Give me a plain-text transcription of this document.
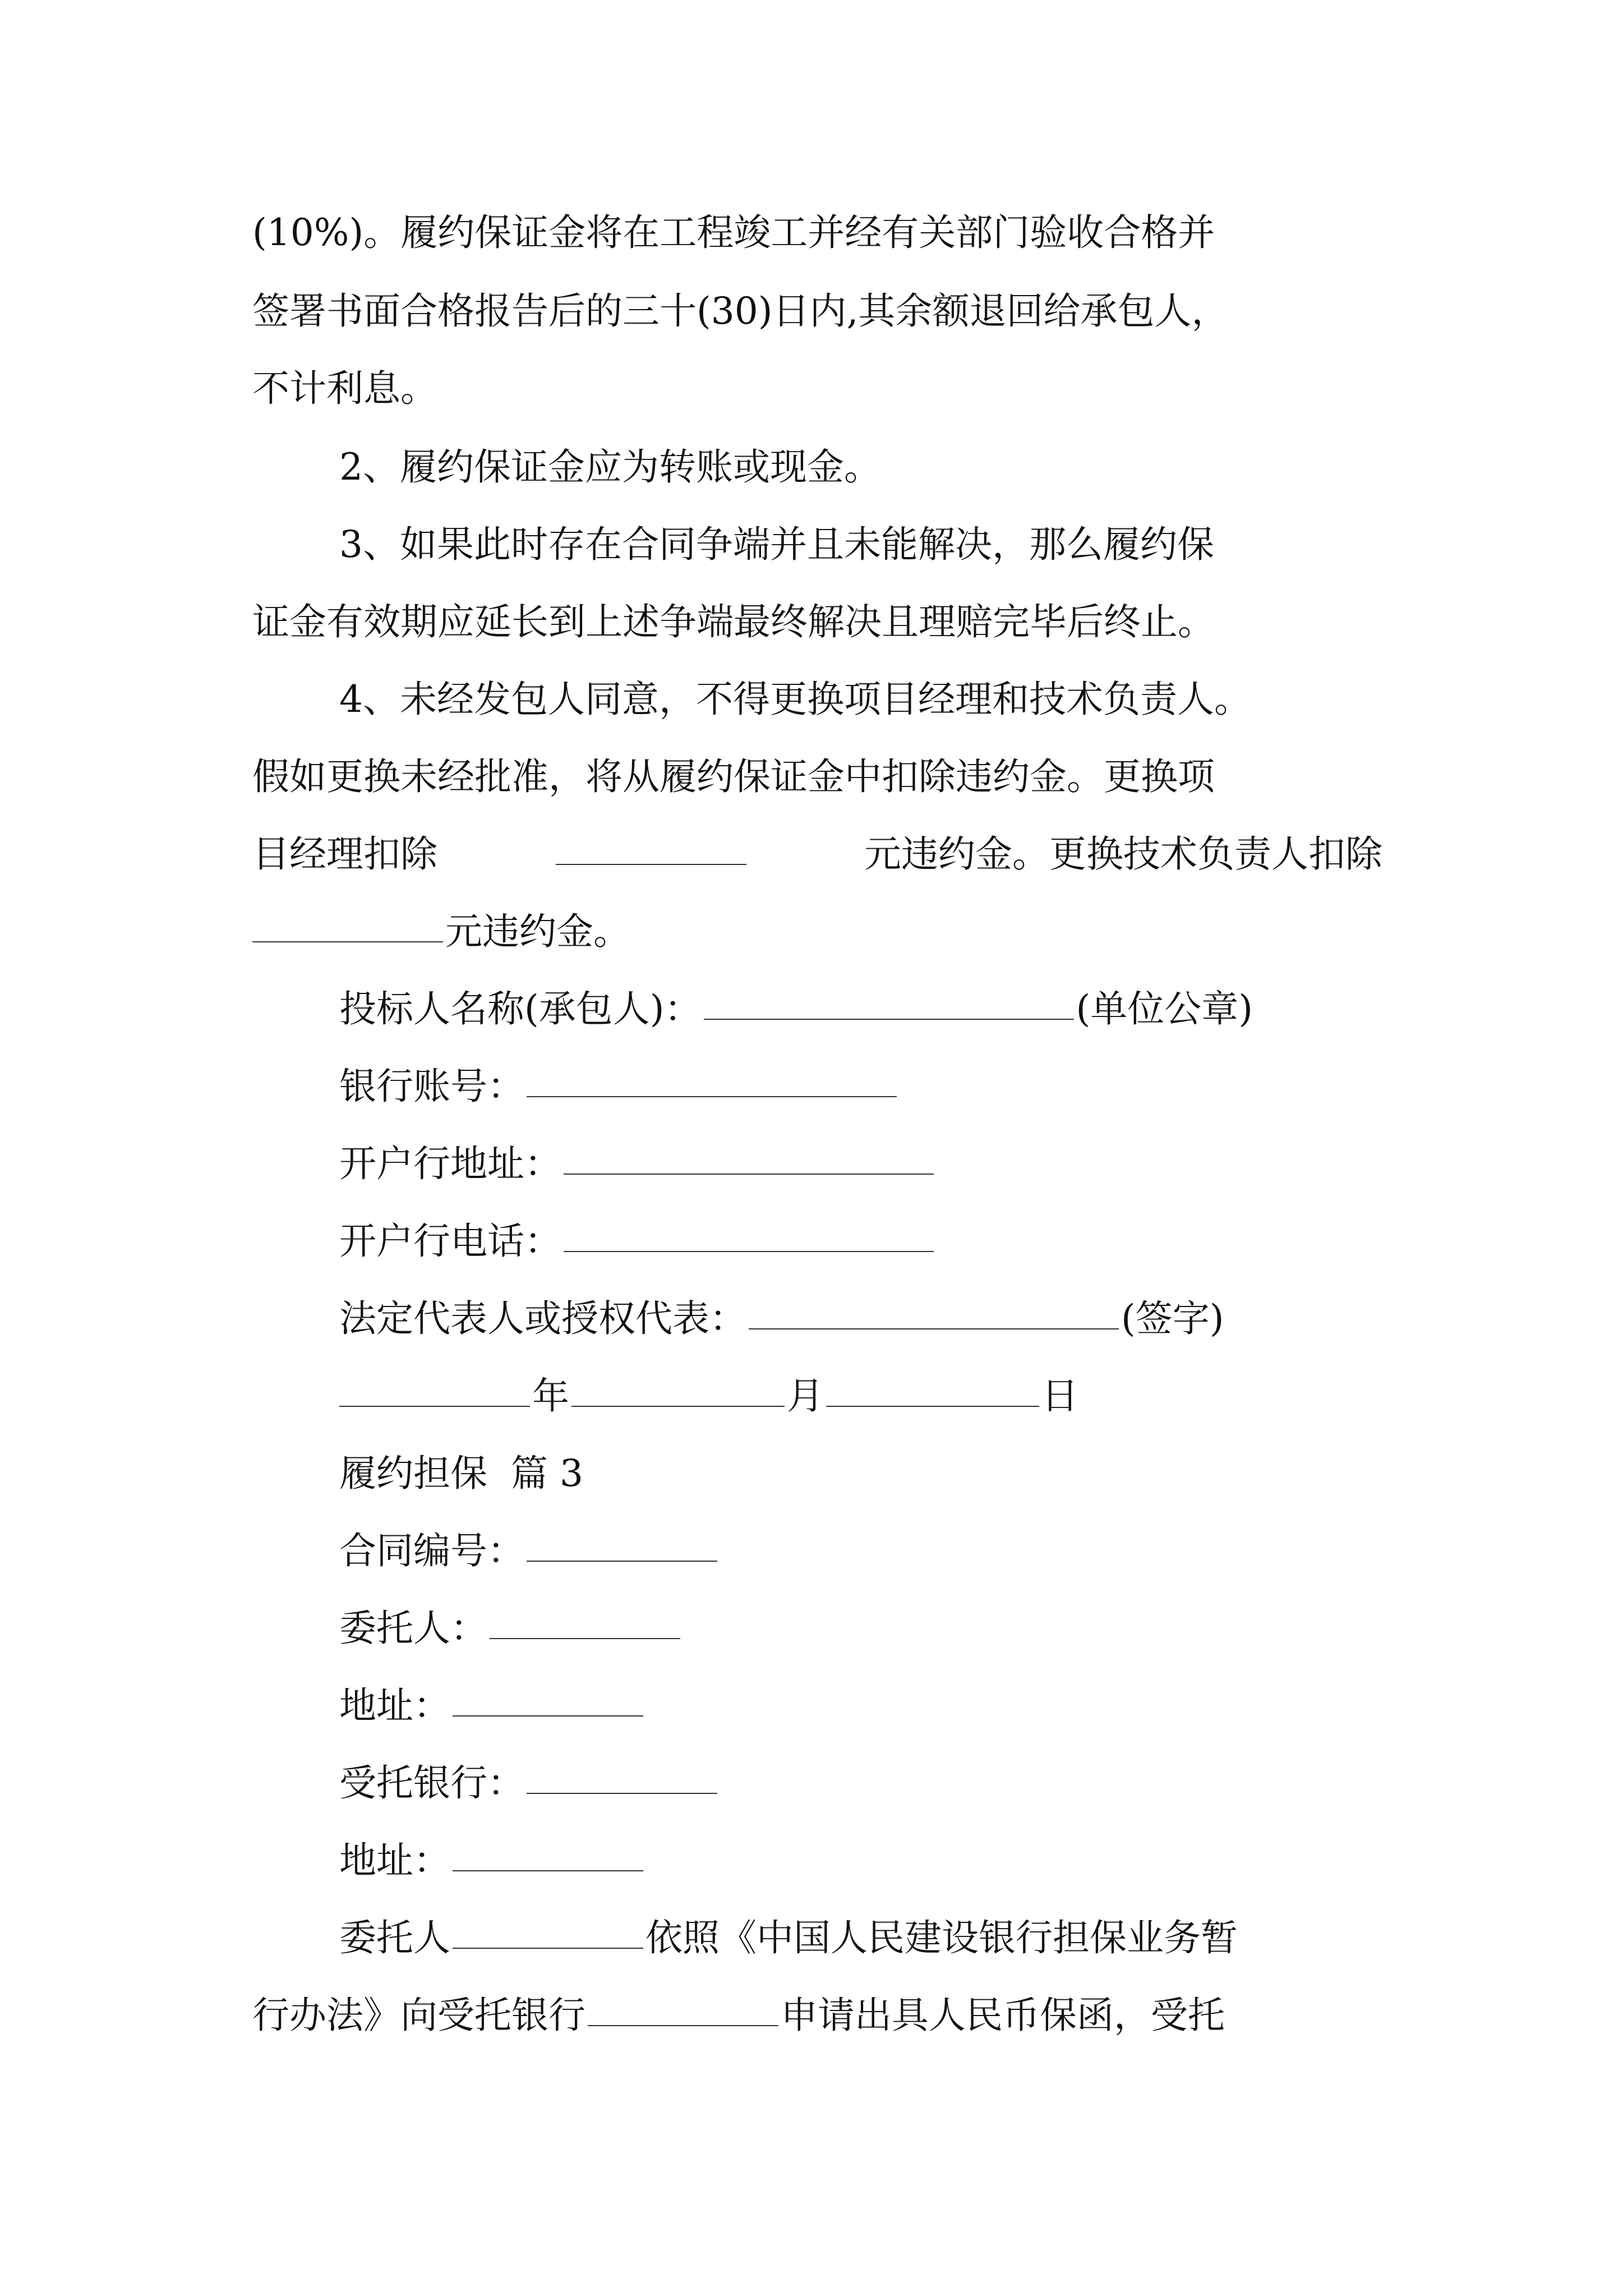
(10%)。履约保证金将在工程竣工并经有关部门验收合格并
签署书面合格报告后的三十(30)日内,其余额退回给承包人，
不计利息。
2、履约保证金应为转账或现金。
3、如果此时存在合同争端并且未能解决，那么履约保
证金有效期应延长到上述争端最终解决且理赔完毕后终止。
4、未经发包人同意，不得更换项目经理和技术负责人。
假如更换未经批准，将从履约保证金中扣除违约金。更换项
目经理扣除	元违约金。更换技术负责人扣除
元违约金。
投标人名称(承包人)：	(单位公章)
银行账号：
开户行地址：
开户行电话：
法定代表人或授权代表：	(签字)
年	月	日
履约担保  篇 3
合同编号：
委托人：
地址：
受托银行：
地址：
委托人	依照《中国人民建设银行担保业务暂
行办法》向受托银行	申请出具人民币保函，受托
